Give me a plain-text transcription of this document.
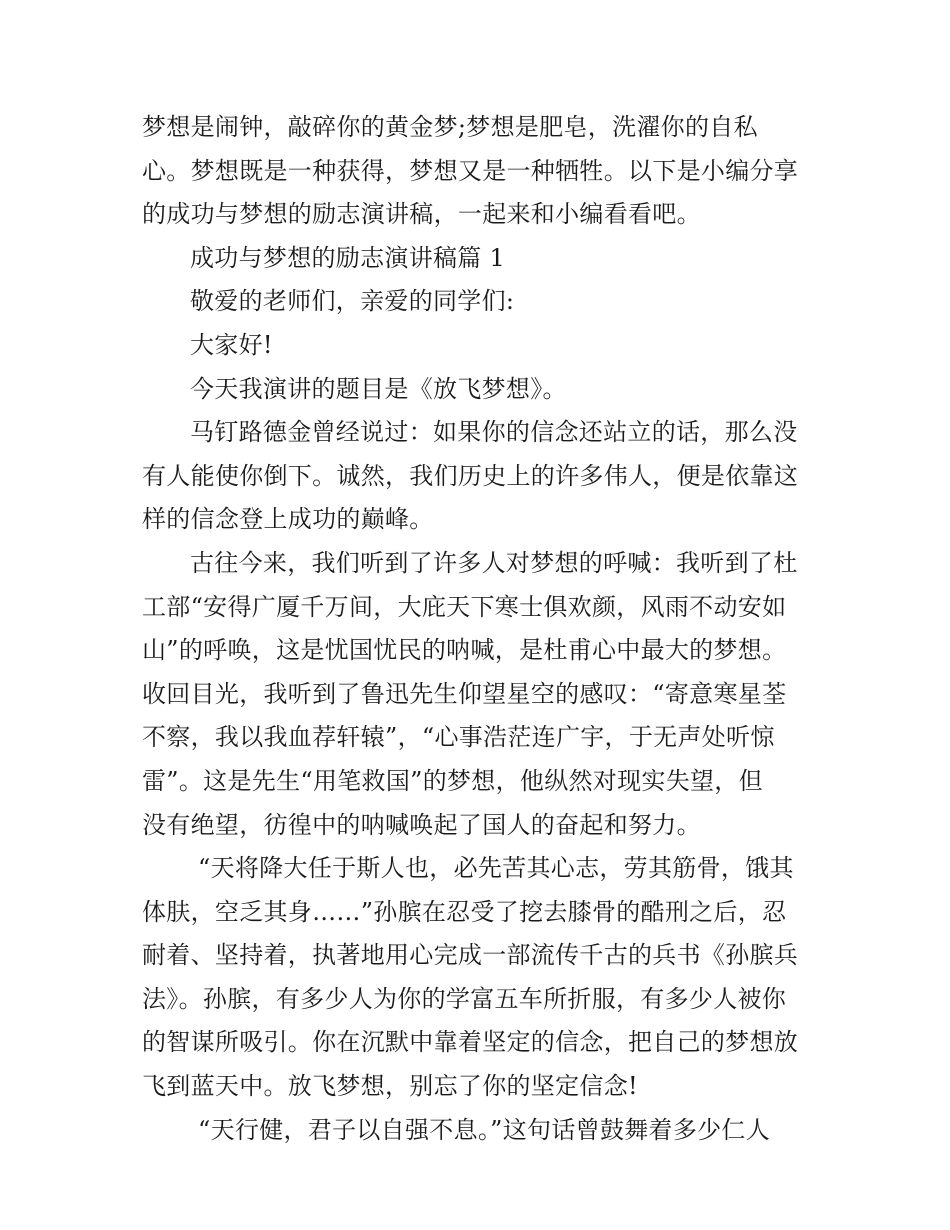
梦想是闹钟，敲碎你的黄金梦;梦想是肥皂，洗濯你的自私
心。梦想既是一种获得，梦想又是一种牺牲。以下是小编分享
的成功与梦想的励志演讲稿，一起来和小编看看吧。
成功与梦想的励志演讲稿篇 1
敬爱的老师们，亲爱的同学们:
大家好!
今天我演讲的题目是《放飞梦想》。
马钉路德金曾经说过：如果你的信念还站立的话，那么没
有人能使你倒下。诚然，我们历史上的许多伟人，便是依靠这
样的信念登上成功的巅峰。
古往今来，我们听到了许多人对梦想的呼喊：我听到了杜
工部“安得广厦千万间，大庇天下寒士俱欢颜，风雨不动安如
山”的呼唤，这是忧国忧民的呐喊，是杜甫心中最大的梦想。
收回目光，我听到了鲁迅先生仰望星空的感叹：“寄意寒星荃
不察，我以我血荐轩辕”，“心事浩茫连广宇，于无声处听惊
雷”。这是先生“用笔救国”的梦想，他纵然对现实失望，但
没有绝望，彷徨中的呐喊唤起了国人的奋起和努力。
“天将降大任于斯人也，必先苦其心志，劳其筋骨，饿其
体肤，空乏其身……”孙膑在忍受了挖去膝骨的酷刑之后，忍
耐着、坚持着，执著地用心完成一部流传千古的兵书《孙膑兵
法》。孙膑，有多少人为你的学富五车所折服，有多少人被你
的智谋所吸引。你在沉默中靠着坚定的信念，把自己的梦想放
飞到蓝天中。放飞梦想，别忘了你的坚定信念!
“天行健，君子以自强不息。”这句话曾鼓舞着多少仁人
